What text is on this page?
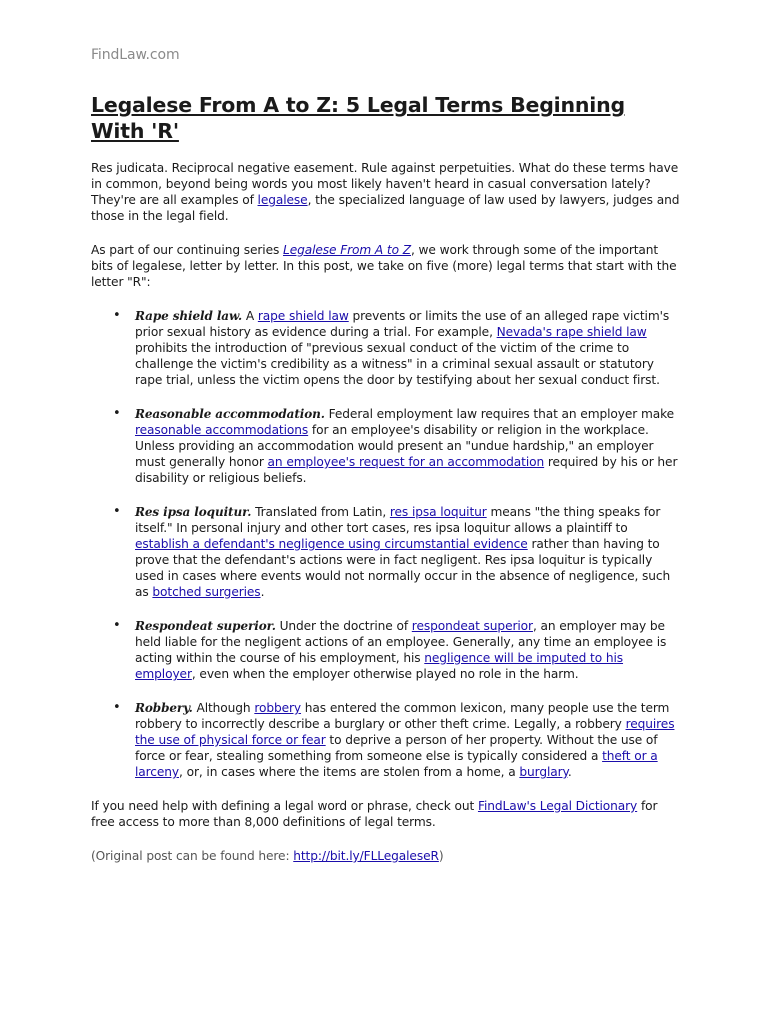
FindLaw.com

Legalese From A to Z: 5 Legal Terms Beginning With 'R'

Res judicata. Reciprocal negative easement. Rule against perpetuities. What do these terms have in common, beyond being words you most likely haven't heard in casual conversation lately? They're are all examples of legalese, the specialized language of law used by lawyers, judges and those in the legal field.

As part of our continuing series Legalese From A to Z, we work through some of the important bits of legalese, letter by letter. In this post, we take on five (more) legal terms that start with the letter "R":

• Rape shield law. A rape shield law prevents or limits the use of an alleged rape victim's prior sexual history as evidence during a trial. For example, Nevada's rape shield law prohibits the introduction of "previous sexual conduct of the victim of the crime to challenge the victim's credibility as a witness" in a criminal sexual assault or statutory rape trial, unless the victim opens the door by testifying about her sexual conduct first.
• Reasonable accommodation. Federal employment law requires that an employer make reasonable accommodations for an employee's disability or religion in the workplace. Unless providing an accommodation would present an "undue hardship," an employer must generally honor an employee's request for an accommodation required by his or her disability or religious beliefs.
• Res ipsa loquitur. Translated from Latin, res ipsa loquitur means "the thing speaks for itself." In personal injury and other tort cases, res ipsa loquitur allows a plaintiff to establish a defendant's negligence using circumstantial evidence rather than having to prove that the defendant's actions were in fact negligent. Res ipsa loquitur is typically used in cases where events would not normally occur in the absence of negligence, such as botched surgeries.
• Respondeat superior. Under the doctrine of respondeat superior, an employer may be held liable for the negligent actions of an employee. Generally, any time an employee is acting within the course of his employment, his negligence will be imputed to his employer, even when the employer otherwise played no role in the harm.
• Robbery. Although robbery has entered the common lexicon, many people use the term robbery to incorrectly describe a burglary or other theft crime. Legally, a robbery requires the use of physical force or fear to deprive a person of her property. Without the use of force or fear, stealing something from someone else is typically considered a theft or a larceny, or, in cases where the items are stolen from a home, a burglary.

If you need help with defining a legal word or phrase, check out FindLaw's Legal Dictionary for free access to more than 8,000 definitions of legal terms.

(Original post can be found here: http://bit.ly/FLLegaleseR)
